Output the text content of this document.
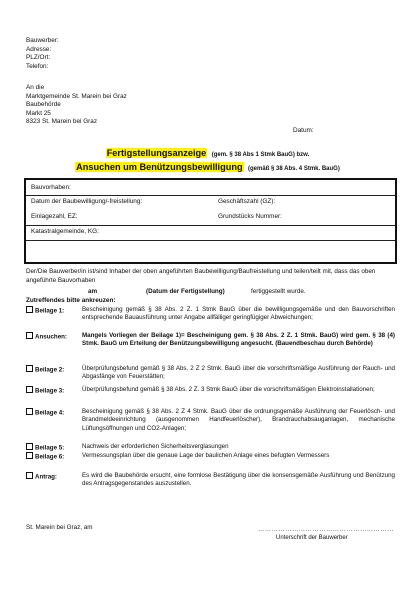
Bauwerber:
Adresse:
PLZ/Ort:
Telefon:
An die
Marktgemeinde St. Marein bei Graz
Baubehörde
Markt 25
8323 St. Marein bei Graz
Datum:
Fertigstellungsanzeige (gem. § 38 Abs 1 Stmk BauG) bzw.
Ansuchen um Benützungsbewilligung (gemäß § 38 Abs. 4 Stmk. BauG)
Bauvorhaben:
Datum der Baubewilligung/-freistellung:	Geschäftszahl (GZ):
Einlagezahl, EZ:	Grundstücks Nummer:
Katastralgemeinde, KG:
Der/Die Bauwerber/in ist/sind Inhaber der oben angeführten Baubewilligung/Baufreistellung und teilen/teilt mit, dass das oben angeführte Bauvorhaben
am	(Datum der Fertigstellung)	fertiggestellt wurde.
Zutreffendes bitte ankreuzen:
Beilage 1:	Bescheinigung gemäß § 38 Abs. 2 Z. 1 Stmk BauG über die bewilligungsgemäße und den Bauvorschriften entsprechende Bauausführung unter Angabe allfälliger geringfügiger Abweichungen;
Ansuchen: Mangels Vorliegen der Beilage 1)= Bescheinigung gem. § 38 Abs. 2 Z. 1 Stmk. BauG) wird gem. § 38 (4) Stmk. BauG um Erteilung der Benützungsbewilligung angesucht. (Bauendbeschau durch Behörde)
Beilage 2:	Überprüfungsbefund gemäß § 38 Abs. 2 Z 2 Stmk. BauG über die vorschriftsmäßige Ausführung der Rauch- und Abgasfänge von Feuerstätten;
Beilage 3:	Überprüfungsbefund gemäß § 38 Abs. 2 Z. 3 Stmk BauG über die vorschriftsmäßigen Elektroinstallationen;
Beilage 4:	Bescheinigung gemäß § 38 Abs. 2 Z 4 Stmk. BauG über die ordnungsgemäße Ausführung der Feuerlösch- und Brandmeldeeinrichtung (ausgenommen Handfeuerlöscher), Brandrauchabsauganlagen, mechanische Lüftungsöffnungen und CO2-Anlagen;
Beilage 5:	Nachweis der erforderlichen Sicherheitsverglasungen
Beilage 6:	Vermessungsplan über die genaue Lage der baulichen Anlage eines befugten Vermessers
Antrag:	Es wird die Baubehörde ersucht, eine formlose Bestätigung über die konsensgemäße Ausführung und Benützung des Antragsgegenstandes auszustellen.
St. Marein bei Graz, am	……………………………………………………
Unterschrift der Bauwerber
